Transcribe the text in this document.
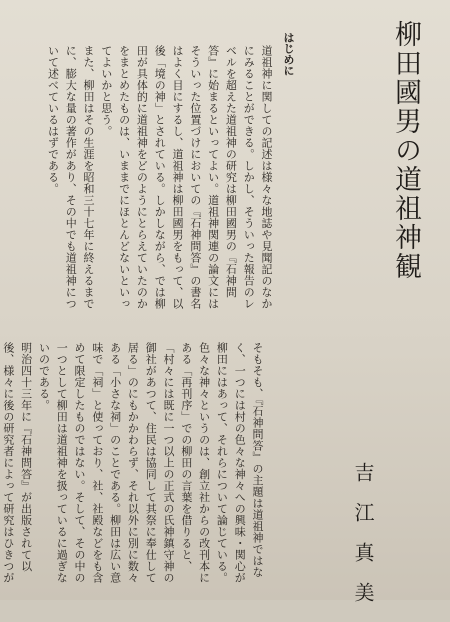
柳田國男の道祖神観
はじめに

道祖神に関しての記述は様々な地誌や見聞記のなかにみることができる。しかし、そういった報告のレベルを超えた道祖神の研究は柳田國男の『石神問答』に始まるといってよい。道祖神関連の論文にはそういった位置づけにおいての『石神問答』の書名はよく目にするし、道祖神は柳田國男をもって、以後「境の神」とされている。しかしながら、では柳田が具体的に道祖神をどのようにとらえていたのかをまとめたものは、いままでにほとんどないといってよいかと思う。

また、柳田はその生涯を昭和三十七年に終えるまでに、膨大な量の著作があり、その中でも道祖神について述べているはずである。

そもそも、『石神問答』の主題は道祖神ではなく、一つには村の色々な神々への興味・関心が柳田にはあって、それらについて論じている。色々な神々というのは、創立社からの改刊本にある「再刊序」での柳田の言葉を借りると、「村々には既に一つ以上の正式の氏神鎮守神の御社があつて、住民は協同して其祭に奉仕して居る」のにもかかわらず、それ以外に別に数々ある「小さな祠」のことである。柳田は広い意味で「祠」と使っており、社、社殿などをも含めて限定したものではない。そして、その中の一つとして柳田は道祖神を扱っているに過ぎないのである。

明治四十三年に『石神問答』が出版されて以後、様々に後の研究者によって研究はひきつが	吉江真美
